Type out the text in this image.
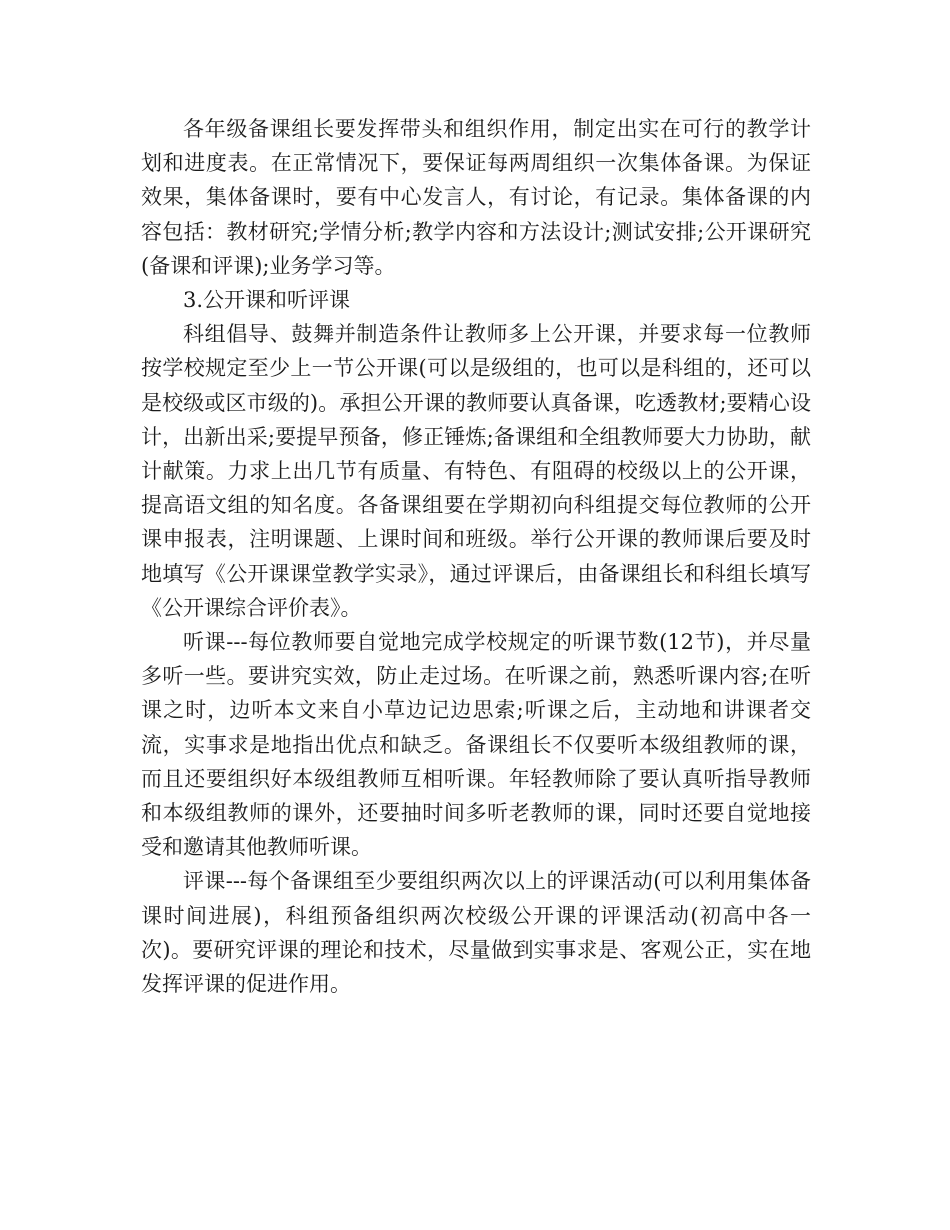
各年级备课组长要发挥带头和组织作用，制定出实在可行的教学计划和进度表。在正常情况下，要保证每两周组织一次集体备课。为保证效果，集体备课时，要有中心发言人，有讨论，有记录。集体备课的内容包括：教材研究;学情分析;教学内容和方法设计;测试安排;公开课研究(备课和评课);业务学习等。

3.公开课和听评课

科组倡导、鼓舞并制造条件让教师多上公开课，并要求每一位教师按学校规定至少上一节公开课(可以是级组的，也可以是科组的，还可以是校级或区市级的)。承担公开课的教师要认真备课，吃透教材;要精心设计，出新出采;要提早预备，修正锤炼;备课组和全组教师要大力协助，献计献策。力求上出几节有质量、有特色、有阻碍的校级以上的公开课，提高语文组的知名度。各备课组要在学期初向科组提交每位教师的公开课申报表，注明课题、上课时间和班级。举行公开课的教师课后要及时地填写《公开课课堂教学实录》，通过评课后，由备课组长和科组长填写《公开课综合评价表》。

听课---每位教师要自觉地完成学校规定的听课节数(12节)，并尽量多听一些。要讲究实效，防止走过场。在听课之前，熟悉听课内容;在听课之时，边听本文来自小草边记边思索;听课之后，主动地和讲课者交流，实事求是地指出优点和缺乏。备课组长不仅要听本级组教师的课，而且还要组织好本级组教师互相听课。年轻教师除了要认真听指导教师和本级组教师的课外，还要抽时间多听老教师的课，同时还要自觉地接受和邀请其他教师听课。

评课---每个备课组至少要组织两次以上的评课活动(可以利用集体备课时间进展)，科组预备组织两次校级公开课的评课活动(初高中各一次)。要研究评课的理论和技术，尽量做到实事求是、客观公正，实在地发挥评课的促进作用。
